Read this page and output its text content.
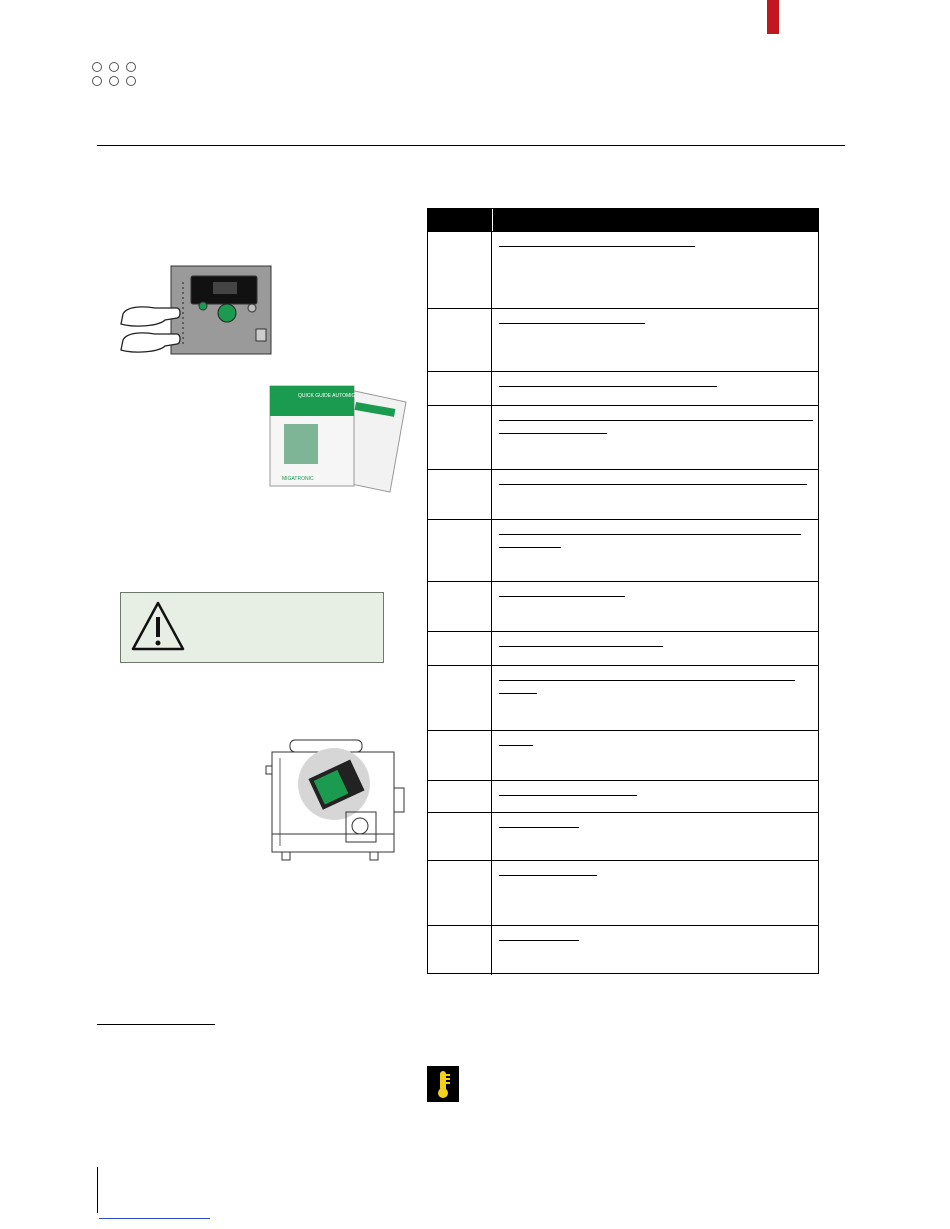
QUICK GUIDE AUTOMIG
MIGATRONIC
